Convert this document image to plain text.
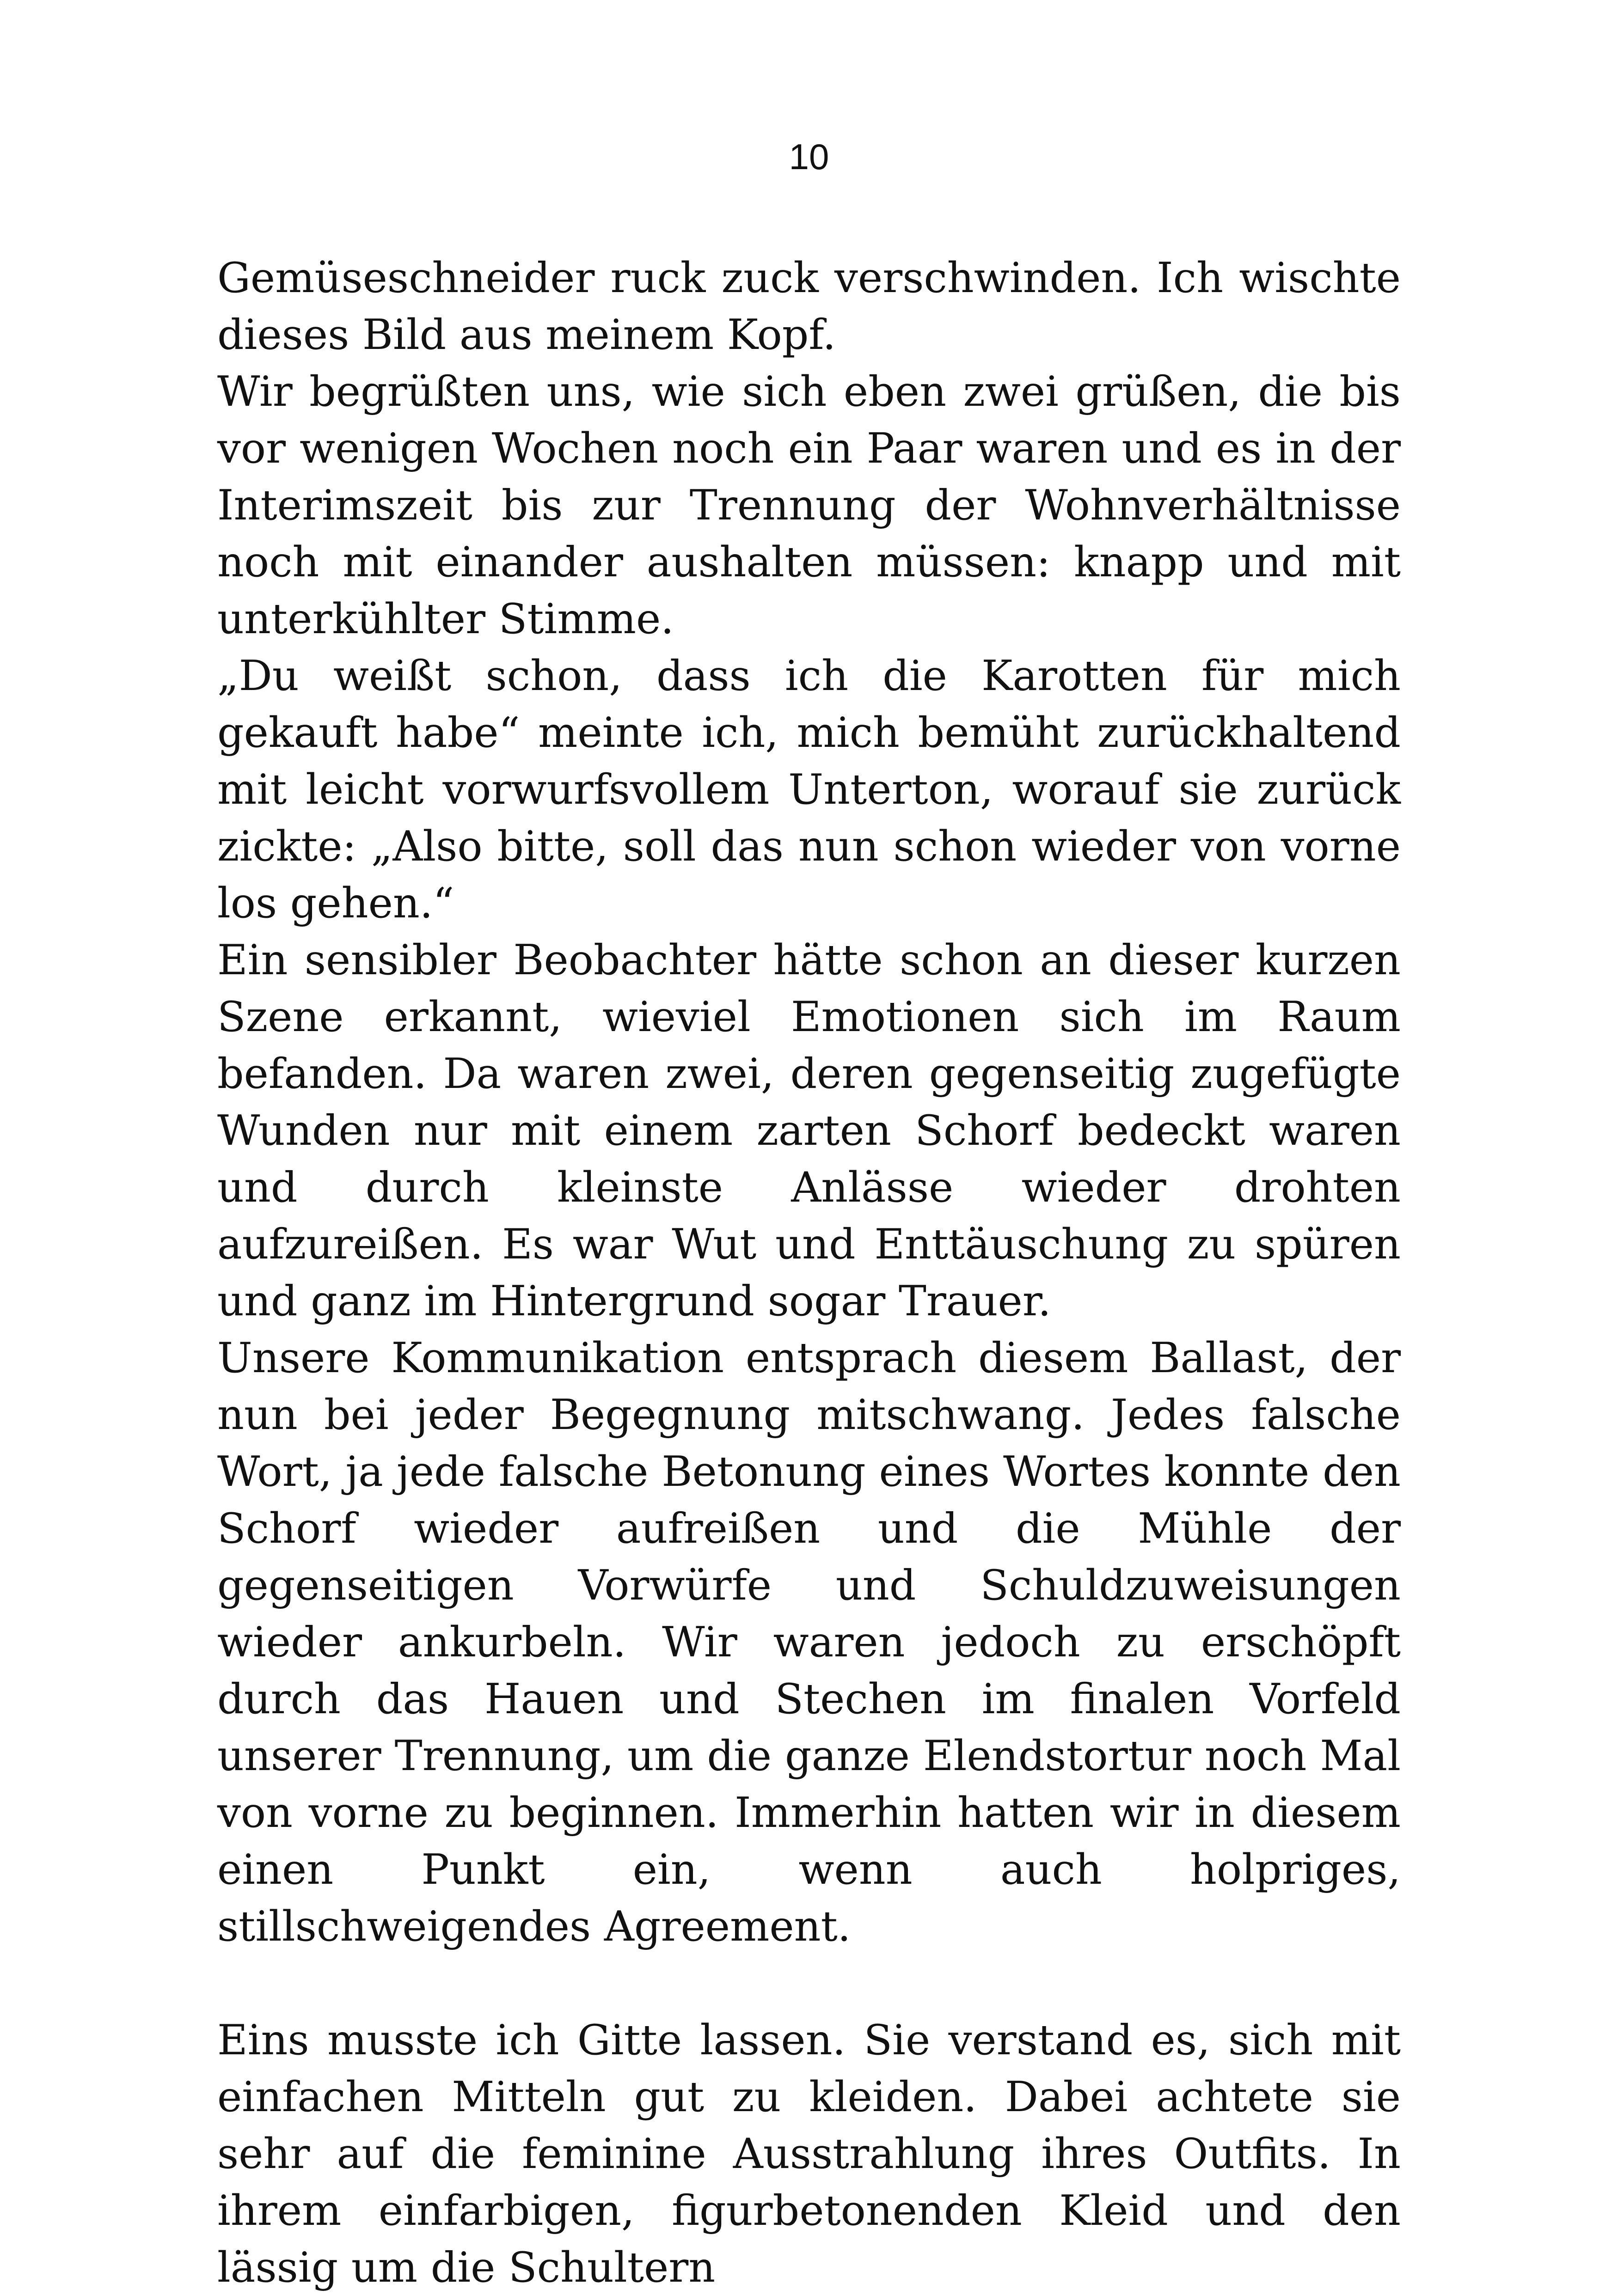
10

Gemüseschneider ruck zuck verschwinden. Ich wischte dieses Bild aus meinem Kopf.

Wir begrüßten uns, wie sich eben zwei grüßen, die bis vor wenigen Wochen noch ein Paar waren und es in der Interimszeit bis zur Trennung der Wohnverhältnisse noch mit einander aushalten müssen: knapp und mit unterkühlter Stimme.

„Du weißt schon, dass ich die Karotten für mich gekauft habe“ meinte ich, mich bemüht zurückhaltend mit leicht vorwurfsvollem Unterton, worauf sie zurück zickte: „Also bitte, soll das nun schon wieder von vorne los gehen.“

Ein sensibler Beobachter hätte schon an dieser kurzen Szene erkannt, wieviel Emotionen sich im Raum befanden. Da waren zwei, deren gegenseitig zugefügte Wunden nur mit einem zarten Schorf bedeckt waren und durch kleinste Anlässe wieder drohten aufzureißen. Es war Wut und Enttäuschung zu spüren und ganz im Hintergrund sogar Trauer.

Unsere Kommunikation entsprach diesem Ballast, der nun bei jeder Begegnung mitschwang. Jedes falsche Wort, ja jede falsche Betonung eines Wortes konnte den Schorf wieder aufreißen und die Mühle der gegenseitigen Vorwürfe und Schuldzuweisungen wieder ankurbeln. Wir waren jedoch zu erschöpft durch das Hauen und Stechen im finalen Vorfeld unserer Trennung, um die ganze Elendstortur noch Mal von vorne zu beginnen. Immerhin hatten wir in diesem einen Punkt ein, wenn auch holpriges, stillschweigendes Agreement.

Eins musste ich Gitte lassen. Sie verstand es, sich mit einfachen Mitteln gut zu kleiden. Dabei achtete sie sehr auf die feminine Ausstrahlung ihres Outfits. In ihrem einfarbigen, figurbetonenden Kleid und den lässig um die Schultern
